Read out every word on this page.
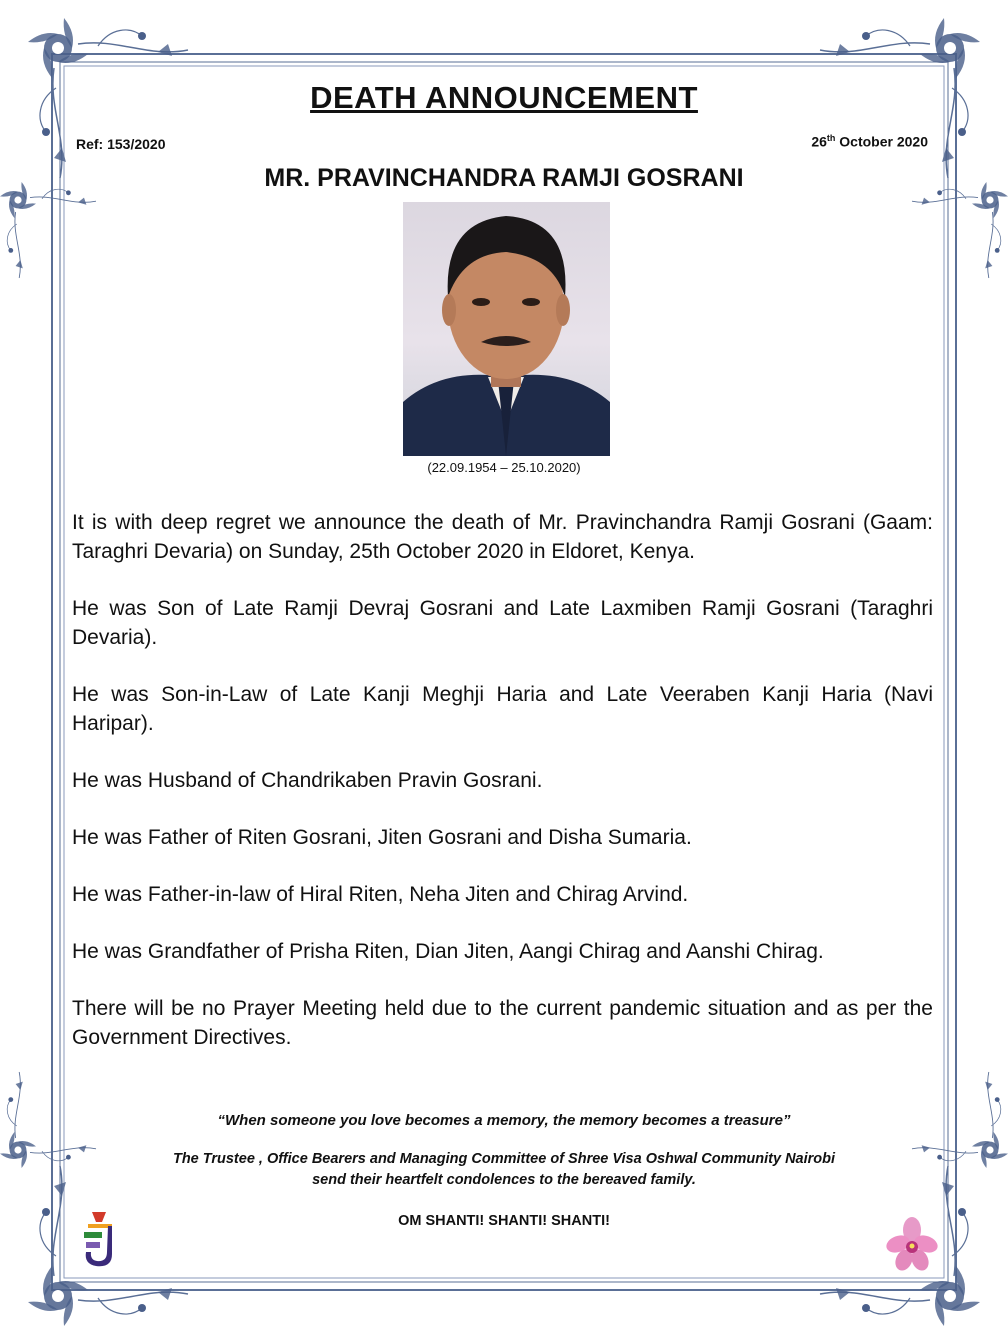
DEATH ANNOUNCEMENT
Ref: 153/2020	26th October 2020
MR. PRAVINCHANDRA RAMJI GOSRANI
(22.09.1954 – 25.10.2020)

It is with deep regret we announce the death of Mr. Pravinchandra Ramji Gosrani (Gaam: Taraghri Devaria) on Sunday, 25th October 2020 in Eldoret, Kenya.

He was Son of Late Ramji Devraj Gosrani and Late Laxmiben Ramji Gosrani (Taraghri Devaria).

He was Son-in-Law of Late Kanji Meghji Haria and Late Veeraben Kanji Haria (Navi Haripar).

He was Husband of Chandrikaben Pravin Gosrani.

He was Father of Riten Gosrani, Jiten Gosrani and Disha Sumaria.

He was Father-in-law of Hiral Riten, Neha Jiten and Chirag Arvind.

He was Grandfather of Prisha Riten, Dian Jiten, Aangi Chirag and Aanshi Chirag.

There will be no Prayer Meeting held due to the current pandemic situation and as per the Government Directives.

“When someone you love becomes a memory, the memory becomes a treasure”
The Trustee , Office Bearers and Managing Committee of Shree Visa Oshwal Community Nairobi
send their heartfelt condolences to the bereaved family.
OM SHANTI! SHANTI! SHANTI!
